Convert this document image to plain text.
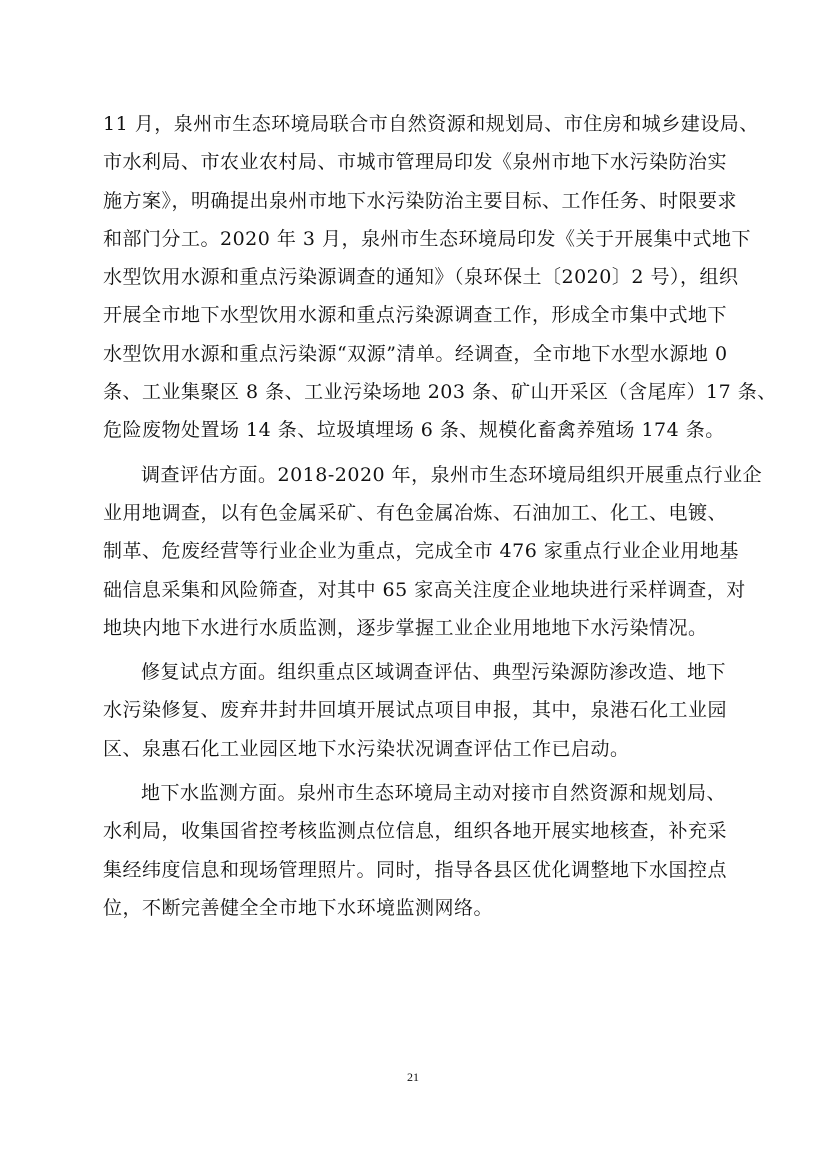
11 月，泉州市生态环境局联合市自然资源和规划局、市住房和城乡建设局、
市水利局、市农业农村局、市城市管理局印发《泉州市地下水污染防治实
施方案》，明确提出泉州市地下水污染防治主要目标、工作任务、时限要求
和部门分工。2020 年 3 月，泉州市生态环境局印发《关于开展集中式地下
水型饮用水源和重点污染源调查的通知》（泉环保土〔2020〕2 号），组织
开展全市地下水型饮用水源和重点污染源调查工作，形成全市集中式地下
水型饮用水源和重点污染源“双源”清单。经调查，全市地下水型水源地 0
条、工业集聚区 8 条、工业污染场地 203 条、矿山开采区（含尾库）17 条、
危险废物处置场 14 条、垃圾填埋场 6 条、规模化畜禽养殖场 174 条。
调查评估方面。2018-2020 年，泉州市生态环境局组织开展重点行业企
业用地调查，以有色金属采矿、有色金属冶炼、石油加工、化工、电镀、
制革、危废经营等行业企业为重点，完成全市 476 家重点行业企业用地基
础信息采集和风险筛查，对其中 65 家高关注度企业地块进行采样调查，对
地块内地下水进行水质监测，逐步掌握工业企业用地地下水污染情况。
修复试点方面。组织重点区域调查评估、典型污染源防渗改造、地下
水污染修复、废弃井封井回填开展试点项目申报，其中，泉港石化工业园
区、泉惠石化工业园区地下水污染状况调查评估工作已启动。
地下水监测方面。泉州市生态环境局主动对接市自然资源和规划局、
水利局，收集国省控考核监测点位信息，组织各地开展实地核查，补充采
集经纬度信息和现场管理照片。同时，指导各县区优化调整地下水国控点
位，不断完善健全全市地下水环境监测网络。
21
